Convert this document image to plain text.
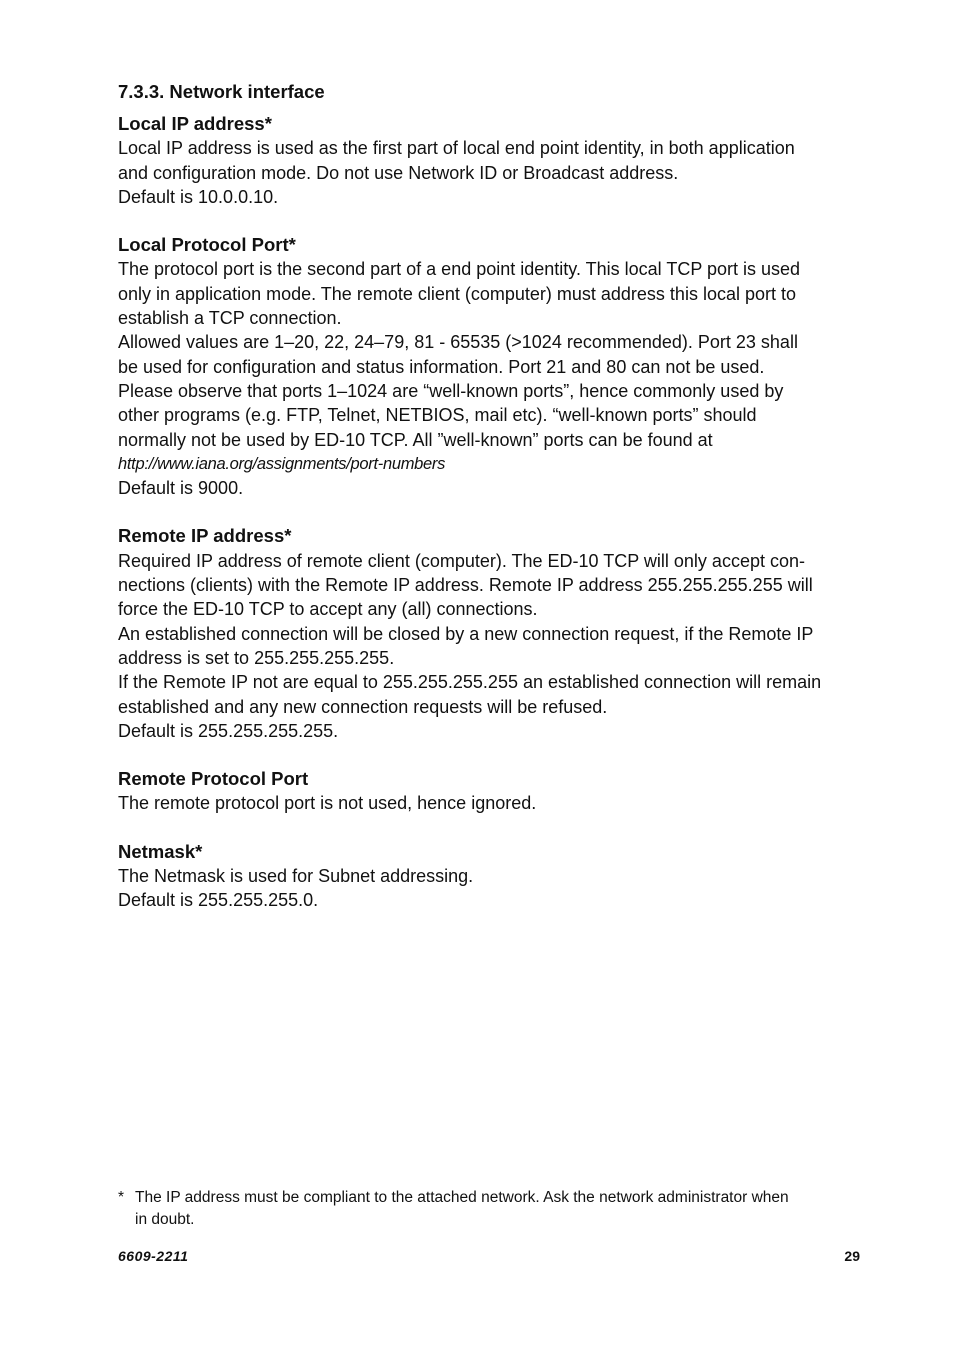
7.3.3. Network interface
Local IP address*
Local IP address is used as the first part of local end point identity, in both application
and configuration mode. Do not use Network ID or Broadcast address.
Default is 10.0.0.10.
Local Protocol Port*
The protocol port is the second part of a end point identity. This local TCP port is used
only in application mode. The remote client (computer) must address this local port to
establish a TCP connection.
Allowed values are 1–20, 22, 24–79, 81 - 65535 (>1024 recommended). Port 23 shall
be used for configuration and status information. Port 21 and 80 can not be used.
Please observe that ports 1–1024 are “well-known ports”, hence commonly used by
other programs (e.g. FTP, Telnet, NETBIOS, mail etc). “well-known ports” should
normally not be used by ED-10 TCP. All ”well-known” ports can be found at
http://www.iana.org/assignments/port-numbers
Default is 9000.
Remote IP address*
Required IP address of remote client (computer). The ED-10 TCP will only accept con-
nections (clients) with the Remote IP address. Remote IP address 255.255.255.255 will
force the ED-10 TCP to accept any (all) connections.
An established connection will be closed by a new connection request, if the Remote IP
address is set to 255.255.255.255.
If the Remote IP not are equal to 255.255.255.255 an established connection will remain
established and any new connection requests will be refused.
Default is 255.255.255.255.
Remote Protocol Port
The remote protocol port is not used, hence ignored.
Netmask*
The Netmask is used for Subnet addressing.
Default is 255.255.255.0.
* The IP address must be compliant to the attached network. Ask the network administrator when
in doubt.
6609-2211	29
